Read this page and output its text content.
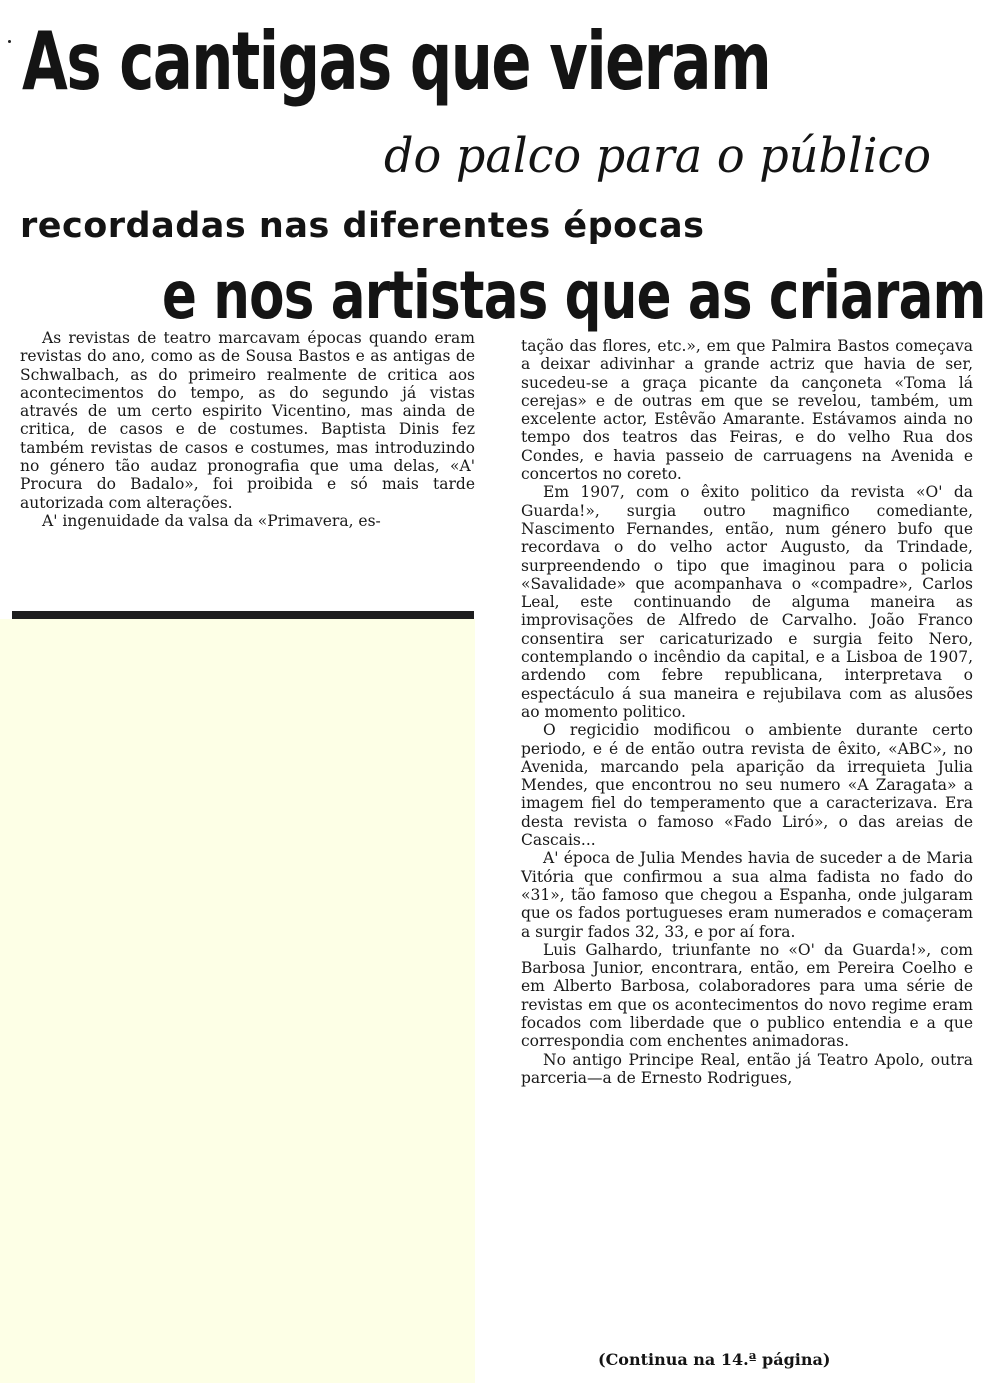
As cantigas que vieram
do palco para o público
recordadas nas diferentes épocas
e nos artistas que as criaram

As revistas de teatro marcavam épocas quando eram revistas do ano, como as de Sousa Bastos e as antigas de Schwalbach, as do primeiro realmente de critica aos acontecimentos do tempo, as do segundo já vistas através de um certo espirito Vicentino, mas ainda de critica, de casos e de costumes. Baptista Dinis fez também revistas de casos e costumes, mas introduzindo no género tão audaz pronografia que uma delas, «A' Procura do Badalo», foi proibida e só mais tarde autorizada com alterações.

A' ingenuidade da valsa da «Primavera, es-

tação das flores, etc.», em que Palmira Bastos começava a deixar adivinhar a grande actriz que havia de ser, sucedeu-se a graça picante da cançoneta «Toma lá cerejas» e de outras em que se revelou, também, um excelente actor, Estêvão Amarante. Estávamos ainda no tempo dos teatros das Feiras, e do velho Rua dos Condes, e havia passeio de carruagens na Avenida e concertos no coreto.

Em 1907, com o êxito politico da revista «O' da Guarda!», surgia outro magnifico comediante, Nascimento Fernandes, então, num género bufo que recordava o do velho actor Augusto, da Trindade, surpreendendo o tipo que imaginou para o policia «Savalidade» que acompanhava o «compadre», Carlos Leal, este continuando de alguma maneira as improvisações de Alfredo de Carvalho. João Franco consentira ser caricaturizado e surgia feito Nero, contemplando o incêndio da capital, e a Lisboa de 1907, ardendo com febre republicana, interpretava o espectáculo á sua maneira e rejubilava com as alusões ao momento politico.

O regicidio modificou o ambiente durante certo periodo, e é de então outra revista de êxito, «ABC», no Avenida, marcando pela aparição da irrequieta Julia Mendes, que encontrou no seu numero «A Zaragata» a imagem fiel do temperamento que a caracterizava. Era desta revista o famoso «Fado Liró», o das areias de Cascais...

A' época de Julia Mendes havia de suceder a de Maria Vitória que confirmou a sua alma fadista no fado do «31», tão famoso que chegou a Espanha, onde julgaram que os fados portugueses eram numerados e comaçeram a surgir fados 32, 33, e por aí fora.

Luis Galhardo, triunfante no «O' da Guarda!», com Barbosa Junior, encontrara, então, em Pereira Coelho e em Alberto Barbosa, colaboradores para uma série de revistas em que os acontecimentos do novo regime eram focados com liberdade que o publico entendia e a que correspondia com enchentes animadoras.

No antigo Principe Real, então já Teatro Apolo, outra parceria—a de Ernesto Rodrigues,

(Continua na 14.ª página)
